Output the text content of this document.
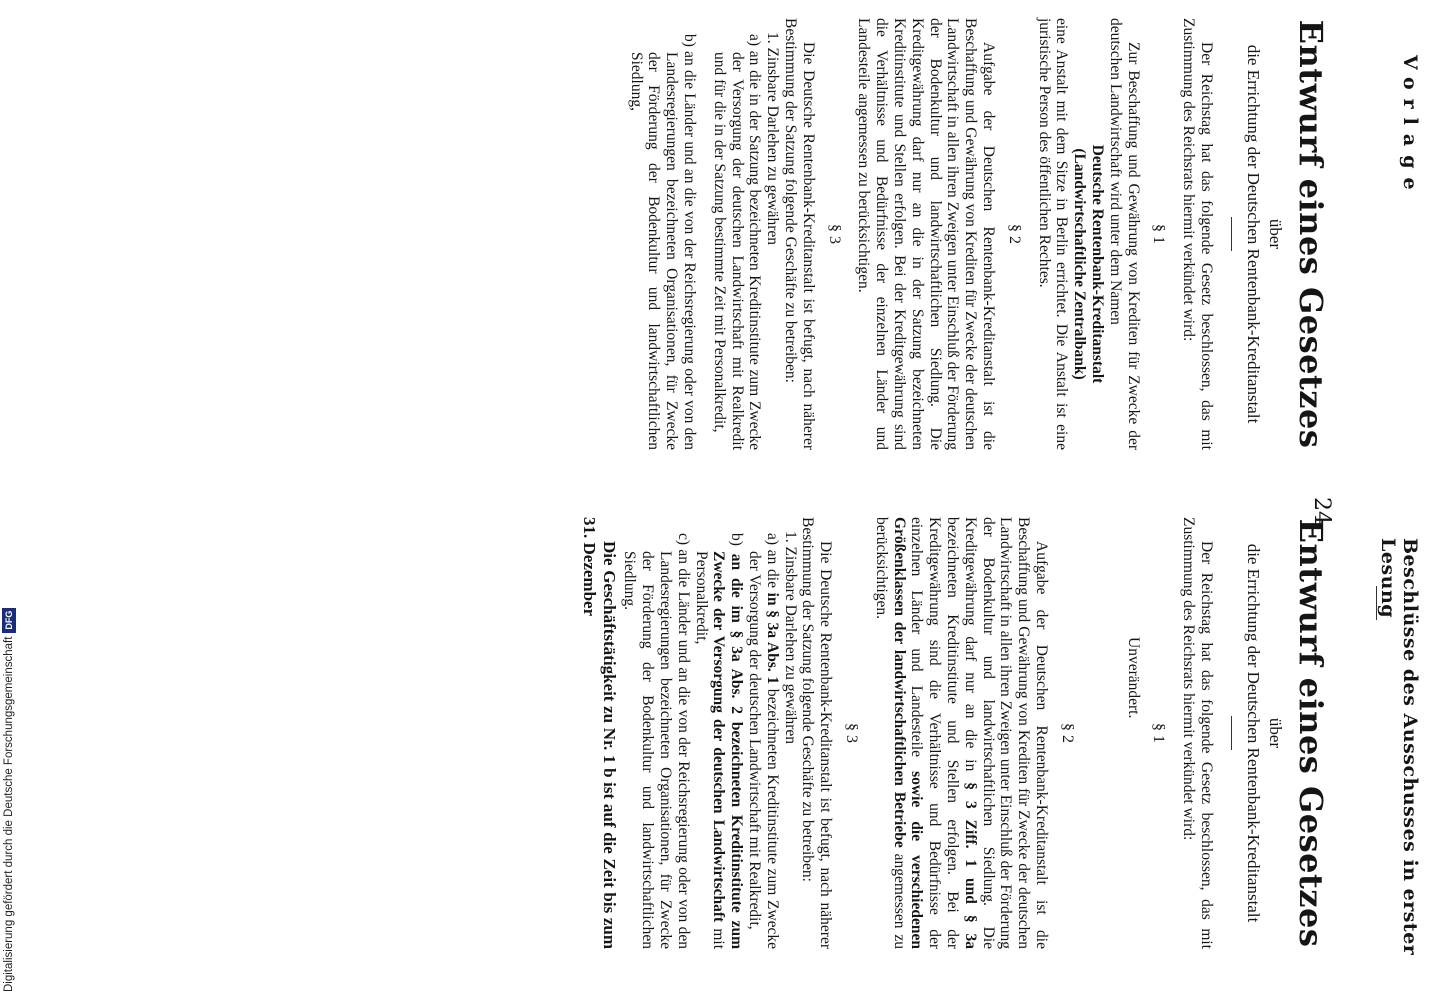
Vorlage
Beschlüsse des Ausschusses in erster Lesung
24
Entwurf eines Gesetzes
über
die Errichtung der Deutschen Rentenbank-Kreditanstalt

Der Reichstag hat das folgende Gesetz beschlossen, das mit Zustimmung des Reichsrats hiermit verkündet wird:

§ 1

Zur Beschaffung und Gewährung von Krediten für Zwecke der deutschen Landwirtschaft wird unter dem Namen

Deutsche Rentenbank-Kreditanstalt (Landwirtschaftliche Zentralbank)

eine Anstalt mit dem Sitze in Berlin errichtet. Die Anstalt ist eine juristische Person des öffentlichen Rechtes.

§ 2

Aufgabe der Deutschen Rentenbank-Kreditanstalt ist die Beschaffung und Gewährung von Krediten für Zwecke der deutschen Landwirtschaft in allen ihren Zweigen unter Einschluß der Förderung der Bodenkultur und landwirtschaftlichen Siedlung. Die Kreditgewährung darf nur an die in der Satzung bezeichneten Kreditinstitute und Stellen erfolgen. Bei der Kreditgewährung sind die Verhältnisse und Bedürfnisse der einzelnen Länder und Landesteile angemessen zu berücksichtigen.

§ 3

Die Deutsche Rentenbank-Kreditanstalt ist befugt, nach näherer Bestimmung der Satzung folgende Geschäfte zu betreiben:

1. Zinsbare Darlehen zu gewähren

a) an die in der Satzung bezeichneten Kreditinstitute zum Zwecke der Versorgung der deutschen Landwirtschaft mit Realkredit und für die in der Satzung bestimmte Zeit mit Personalkredit,

b) an die Länder und an die von der Reichsregierung oder von den Landesregierungen bezeichneten Organisationen, für Zwecke der Förderung der Bodenkultur und landwirtschaftlichen Siedlung,

Entwurf eines Gesetzes
über
die Errichtung der Deutschen Rentenbank-Kreditanstalt

Der Reichstag hat das folgende Gesetz beschlossen, das mit Zustimmung des Reichsrats hiermit verkündet wird:

§ 1

Unverändert.

§ 2

Aufgabe der Deutschen Rentenbank-Kreditanstalt ist die Beschaffung und Gewährung von Krediten für Zwecke der deutschen Landwirtschaft in allen ihren Zweigen unter Einschluß der Förderung der Bodenkultur und landwirtschaftlichen Siedlung. Die Kreditgewährung darf nur an die in § 3 Ziff. 1 und § 3a bezeichneten Kreditinstitute und Stellen erfolgen. Bei der Kreditgewährung sind die Verhältnisse und Bedürfnisse der einzelnen Länder und Landesteile sowie die verschiedenen Größenklassen der landwirtschaftlichen Betriebe angemessen zu berücksichtigen.

§ 3

Die Deutsche Rentenbank-Kreditanstalt ist befugt, nach näherer Bestimmung der Satzung folgende Geschäfte zu betreiben:

1. Zinsbare Darlehen zu gewähren

a) an die in § 3a Abs. 1 bezeichneten Kreditinstitute zum Zwecke der Versorgung der deutschen Landwirtschaft mit Realkredit,

b) an die im § 3a Abs. 2 bezeichneten Kreditinstitute zum Zwecke der Versorgung der deutschen Landwirtschaft mit Personalkredit,

c) an die Länder und an die von der Reichsregierung oder von den Landesregierungen bezeichneten Organisationen, für Zwecke der Förderung der Bodenkultur und landwirtschaftlichen Siedlung.

Die Geschäftstätigkeit zu Nr. 1 b ist auf die Zeit bis zum 31. Dezember

Digitalisierung gefördert durch die Deutsche Forschungsgemeinschaft
DFG
